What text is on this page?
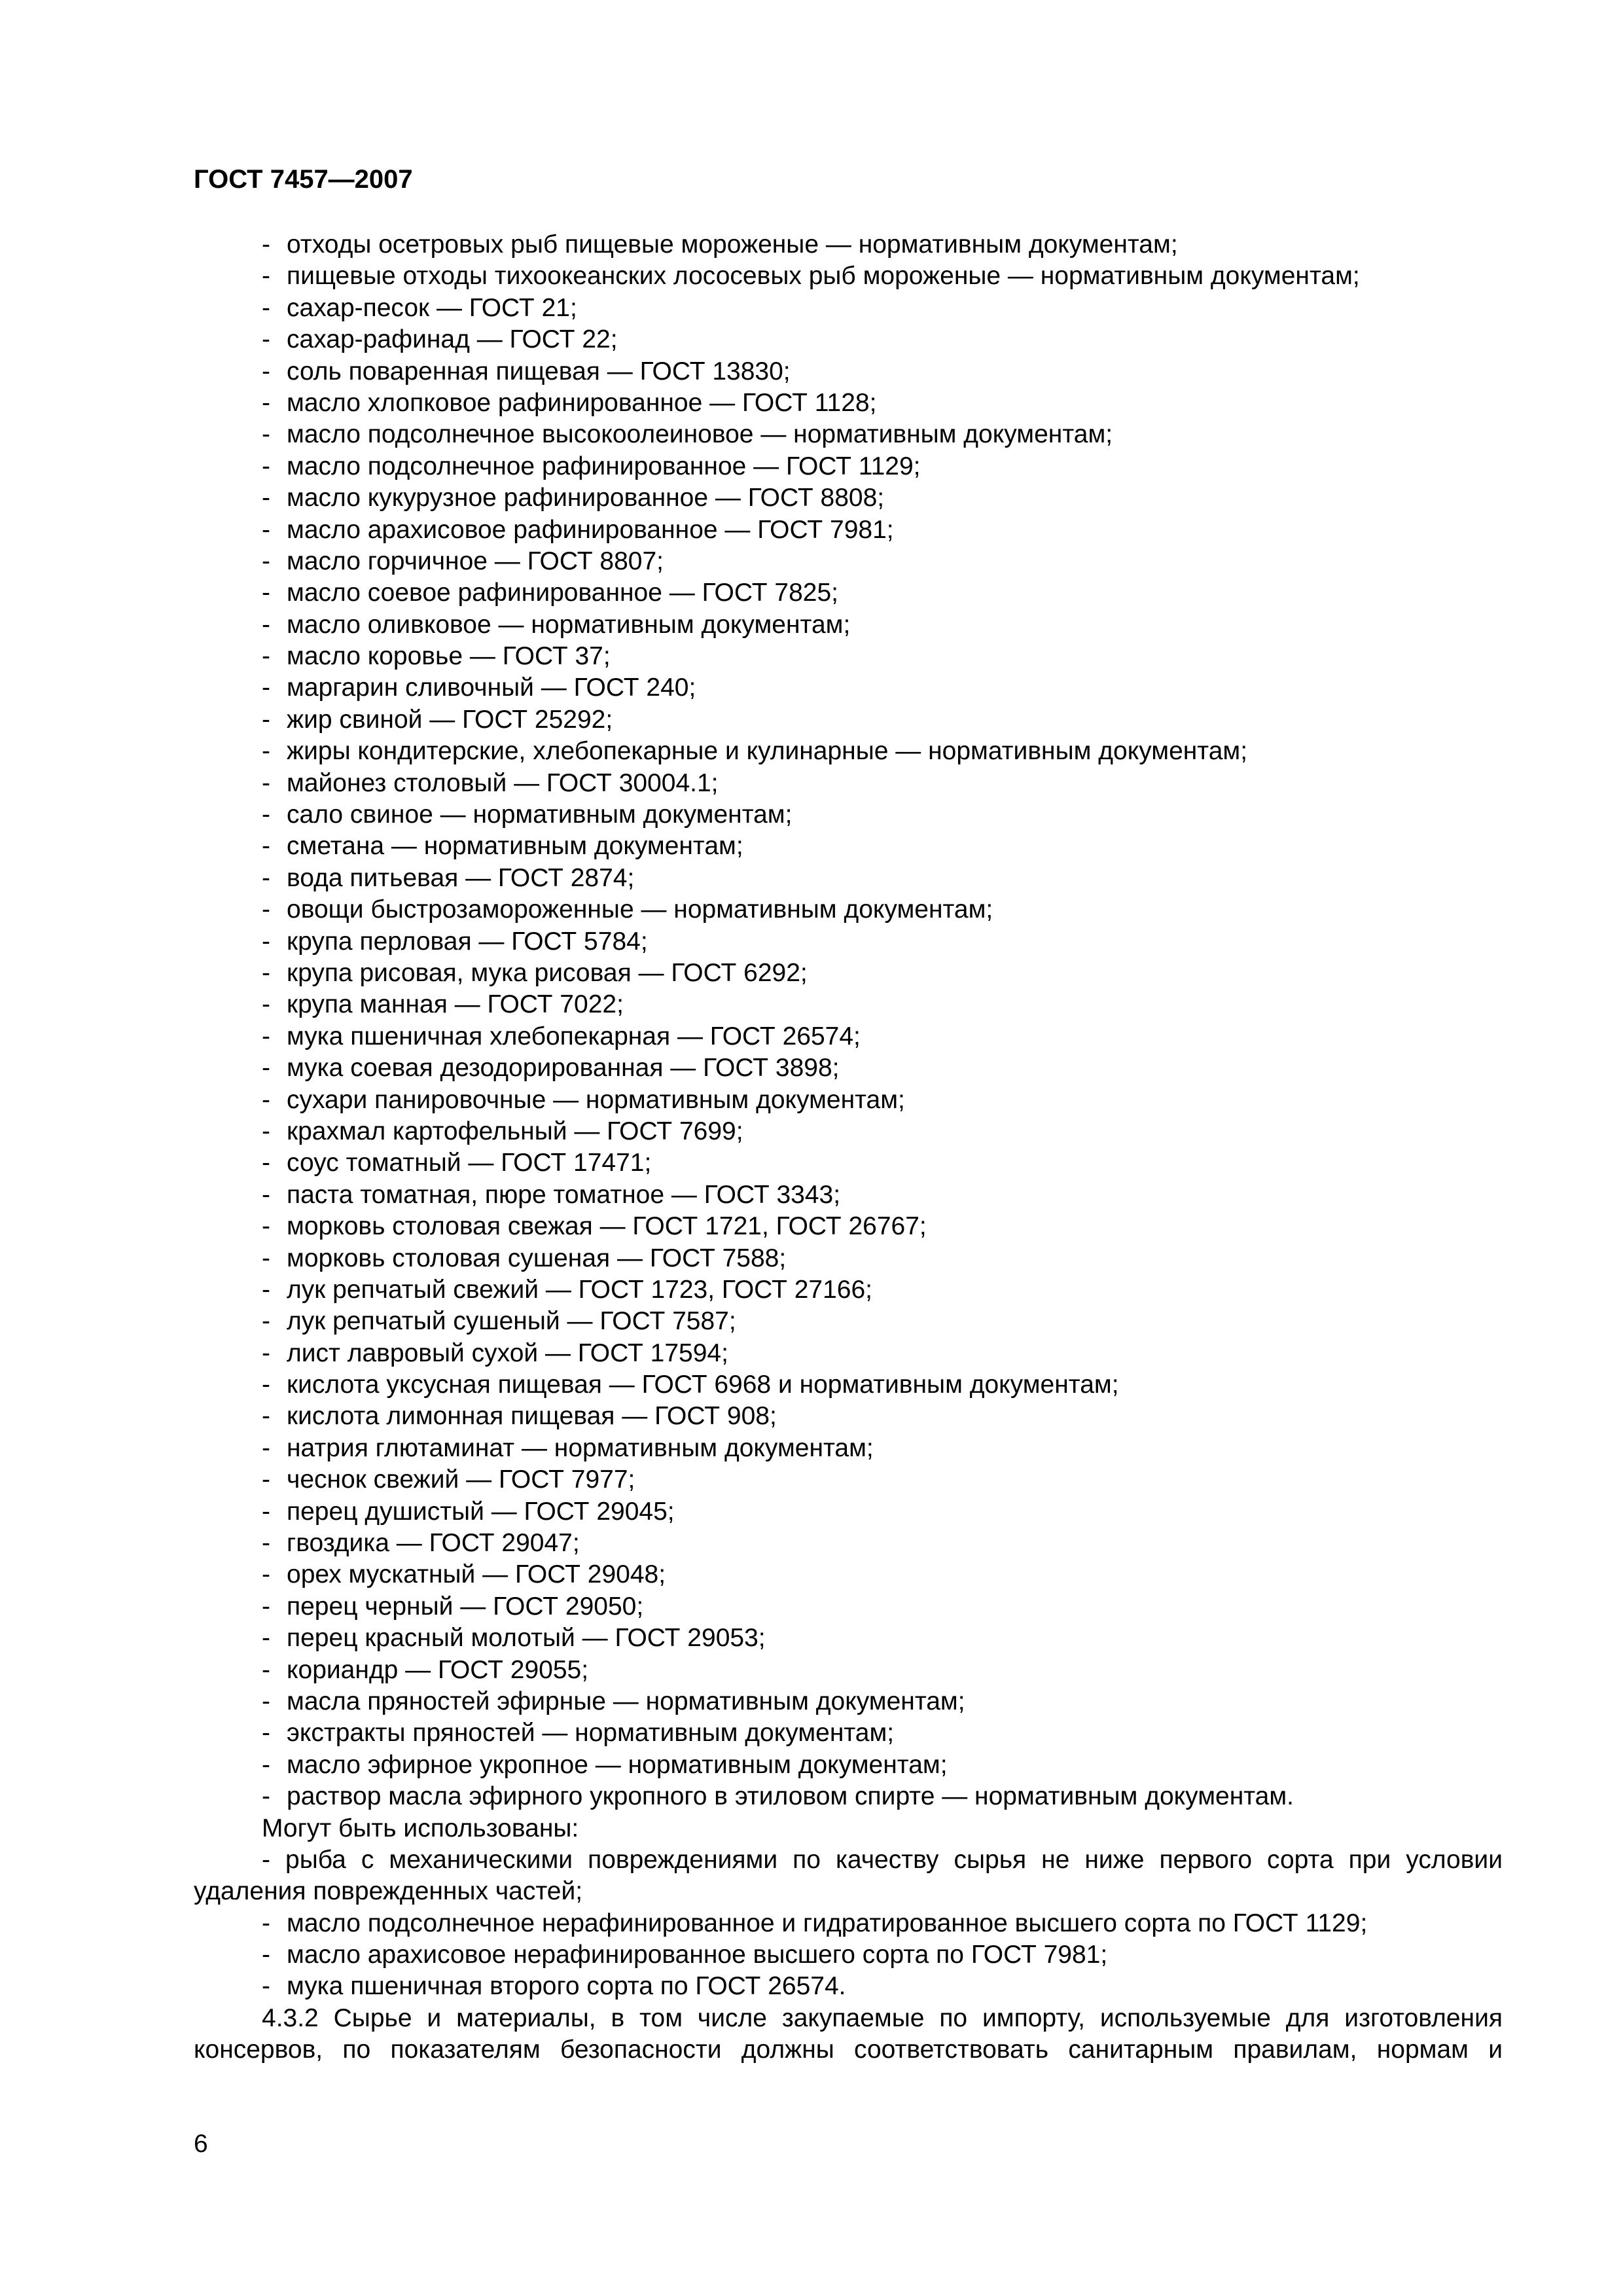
ГОСТ 7457—2007
- отходы осетровых рыб пищевые мороженые — нормативным документам;
- пищевые отходы тихоокеанских лососевых рыб мороженые — нормативным документам;
- сахар-песок — ГОСТ 21;
- сахар-рафинад — ГОСТ 22;
- соль поваренная пищевая — ГОСТ 13830;
- масло хлопковое рафинированное — ГОСТ 1128;
- масло подсолнечное высокоолеиновое — нормативным документам;
- масло подсолнечное рафинированное — ГОСТ 1129;
- масло кукурузное рафинированное — ГОСТ 8808;
- масло арахисовое рафинированное — ГОСТ 7981;
- масло горчичное — ГОСТ 8807;
- масло соевое рафинированное — ГОСТ 7825;
- масло оливковое — нормативным документам;
- масло коровье — ГОСТ 37;
- маргарин сливочный — ГОСТ 240;
- жир свиной — ГОСТ 25292;
- жиры кондитерские, хлебопекарные и кулинарные — нормативным документам;
- майонез столовый — ГОСТ 30004.1;
- сало свиное — нормативным документам;
- сметана — нормативным документам;
- вода питьевая — ГОСТ 2874;
- овощи быстрозамороженные — нормативным документам;
- крупа перловая — ГОСТ 5784;
- крупа рисовая, мука рисовая — ГОСТ 6292;
- крупа манная — ГОСТ 7022;
- мука пшеничная хлебопекарная — ГОСТ 26574;
- мука соевая дезодорированная — ГОСТ 3898;
- сухари панировочные — нормативным документам;
- крахмал картофельный — ГОСТ 7699;
- соус томатный — ГОСТ 17471;
- паста томатная, пюре томатное — ГОСТ 3343;
- морковь столовая свежая — ГОСТ 1721, ГОСТ 26767;
- морковь столовая сушеная — ГОСТ 7588;
- лук репчатый свежий — ГОСТ 1723, ГОСТ 27166;
- лук репчатый сушеный — ГОСТ 7587;
- лист лавровый сухой — ГОСТ 17594;
- кислота уксусная пищевая — ГОСТ 6968 и нормативным документам;
- кислота лимонная пищевая — ГОСТ 908;
- натрия глютаминат — нормативным документам;
- чеснок свежий — ГОСТ 7977;
- перец душистый — ГОСТ 29045;
- гвоздика — ГОСТ 29047;
- орех мускатный — ГОСТ 29048;
- перец черный — ГОСТ 29050;
- перец красный молотый — ГОСТ 29053;
- кориандр — ГОСТ 29055;
- масла пряностей эфирные — нормативным документам;
- экстракты пряностей — нормативным документам;
- масло эфирное укропное — нормативным документам;
- раствор масла эфирного укропного в этиловом спирте — нормативным документам.
Могут быть использованы:
- рыба с механическими повреждениями по качеству сырья не ниже первого сорта при условии
удаления поврежденных частей;
- масло подсолнечное нерафинированное и гидратированное высшего сорта по ГОСТ 1129;
- масло арахисовое нерафинированное высшего сорта по ГОСТ 7981;
- мука пшеничная второго сорта по ГОСТ 26574.
4.3.2 Сырье и материалы, в том числе закупаемые по импорту, используемые для изготовления
консервов, по показателям безопасности должны соответствовать санитарным правилам, нормам и
6
